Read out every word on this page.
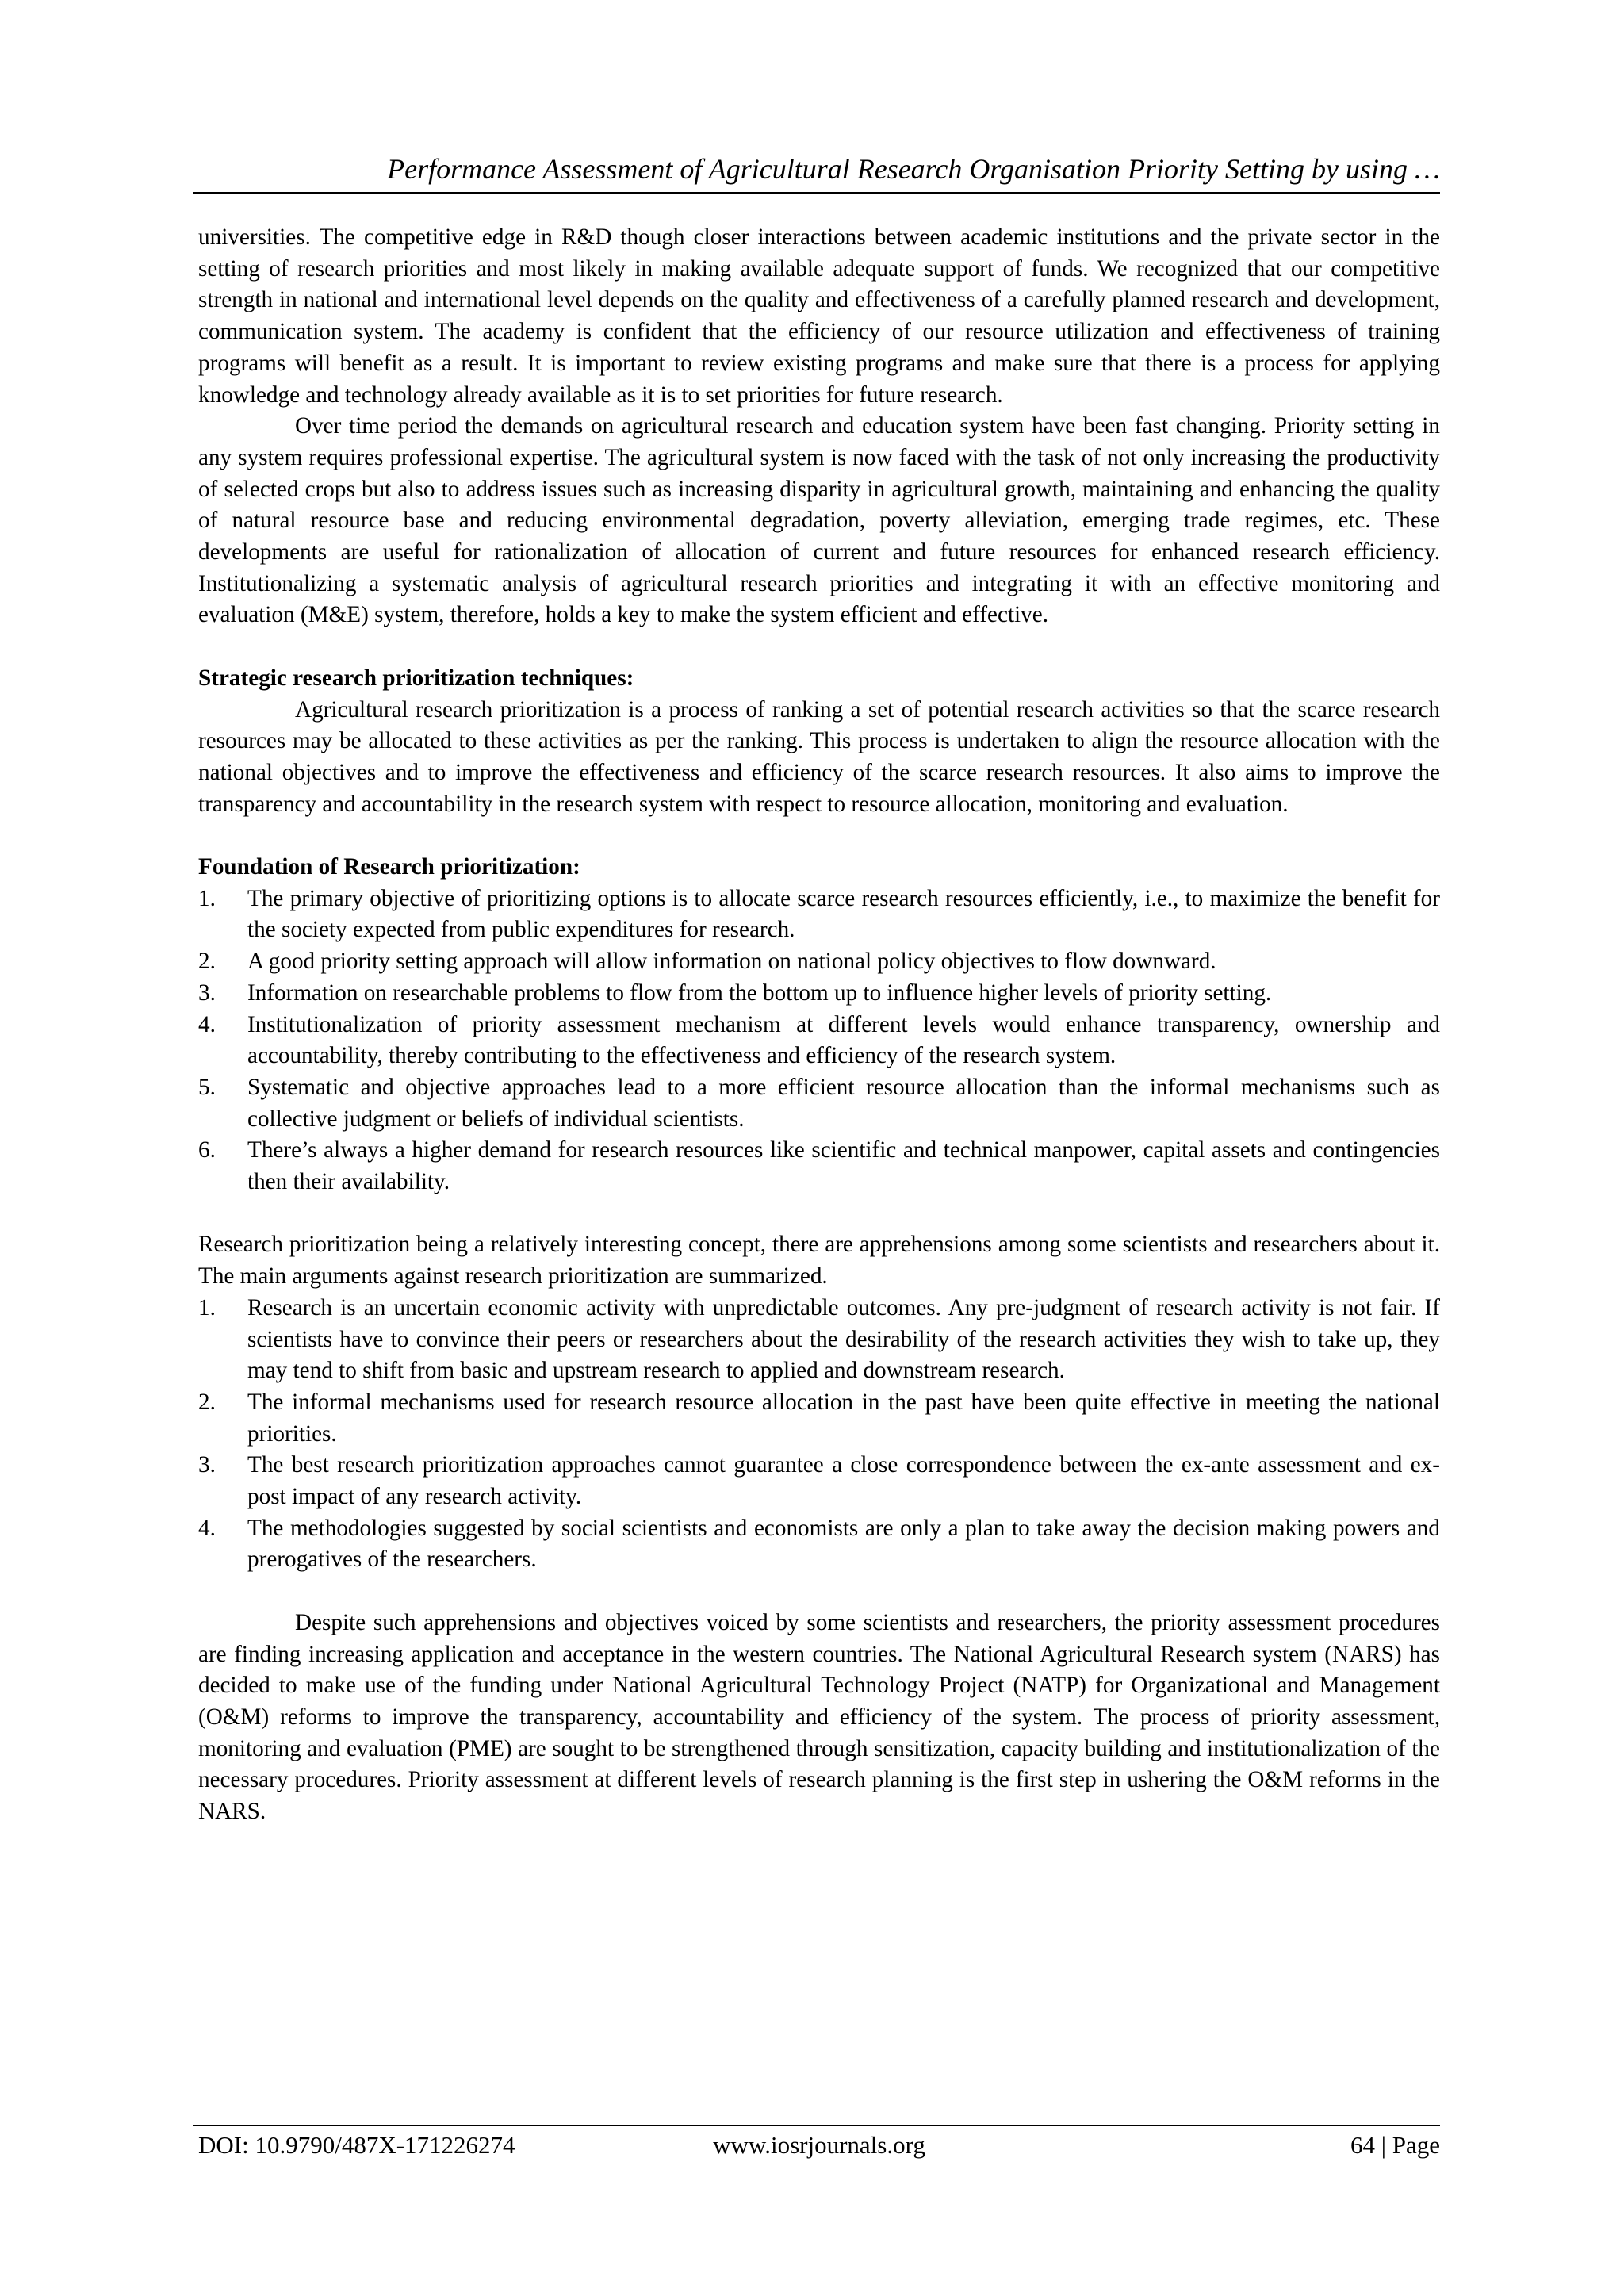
Performance Assessment of Agricultural Research Organisation Priority Setting by using …

universities. The competitive edge in R&D though closer interactions between academic institutions and the private sector in the setting of research priorities and most likely in making available adequate support of funds. We recognized that our competitive strength in national and international level depends on the quality and effectiveness of a carefully planned research and development, communication system. The academy is confident that the efficiency of our resource utilization and effectiveness of training programs will benefit as a result. It is important to review existing programs and make sure that there is a process for applying knowledge and technology already available as it is to set priorities for future research.

Over time period the demands on agricultural research and education system have been fast changing. Priority setting in any system requires professional expertise. The agricultural system is now faced with the task of not only increasing the productivity of selected crops but also to address issues such as increasing disparity in agricultural growth, maintaining and enhancing the quality of natural resource base and reducing environmental degradation, poverty alleviation, emerging trade regimes, etc. These developments are useful for rationalization of allocation of current and future resources for enhanced research efficiency. Institutionalizing a systematic analysis of agricultural research priorities and integrating it with an effective monitoring and evaluation (M&E) system, therefore, holds a key to make the system efficient and effective.

Strategic research prioritization techniques:

Agricultural research prioritization is a process of ranking a set of potential research activities so that the scarce research resources may be allocated to these activities as per the ranking. This process is undertaken to align the resource allocation with the national objectives and to improve the effectiveness and efficiency of the scarce research resources. It also aims to improve the transparency and accountability in the research system with respect to resource allocation, monitoring and evaluation.

Foundation of Research prioritization:
1. The primary objective of prioritizing options is to allocate scarce research resources efficiently, i.e., to maximize the benefit for the society expected from public expenditures for research.
2. A good priority setting approach will allow information on national policy objectives to flow downward.
3. Information on researchable problems to flow from the bottom up to influence higher levels of priority setting.
4. Institutionalization of priority assessment mechanism at different levels would enhance transparency, ownership and accountability, thereby contributing to the effectiveness and efficiency of the research system.
5. Systematic and objective approaches lead to a more efficient resource allocation than the informal mechanisms such as collective judgment or beliefs of individual scientists.
6. There’s always a higher demand for research resources like scientific and technical manpower, capital assets and contingencies then their availability.

Research prioritization being a relatively interesting concept, there are apprehensions among some scientists and researchers about it. The main arguments against research prioritization are summarized.

1. Research is an uncertain economic activity with unpredictable outcomes. Any pre-judgment of research activity is not fair. If scientists have to convince their peers or researchers about the desirability of the research activities they wish to take up, they may tend to shift from basic and upstream research to applied and downstream research.
2. The informal mechanisms used for research resource allocation in the past have been quite effective in meeting the national priorities.
3. The best research prioritization approaches cannot guarantee a close correspondence between the ex-ante assessment and ex-post impact of any research activity.
4. The methodologies suggested by social scientists and economists are only a plan to take away the decision making powers and prerogatives of the researchers.

Despite such apprehensions and objectives voiced by some scientists and researchers, the priority assessment procedures are finding increasing application and acceptance in the western countries. The National Agricultural Research system (NARS) has decided to make use of the funding under National Agricultural Technology Project (NATP) for Organizational and Management (O&M) reforms to improve the transparency, accountability and efficiency of the system. The process of priority assessment, monitoring and evaluation (PME) are sought to be strengthened through sensitization, capacity building and institutionalization of the necessary procedures. Priority assessment at different levels of research planning is the first step in ushering the O&M reforms in the NARS.

DOI: 10.9790/487X-171226274	www.iosrjournals.org	64 | Page
